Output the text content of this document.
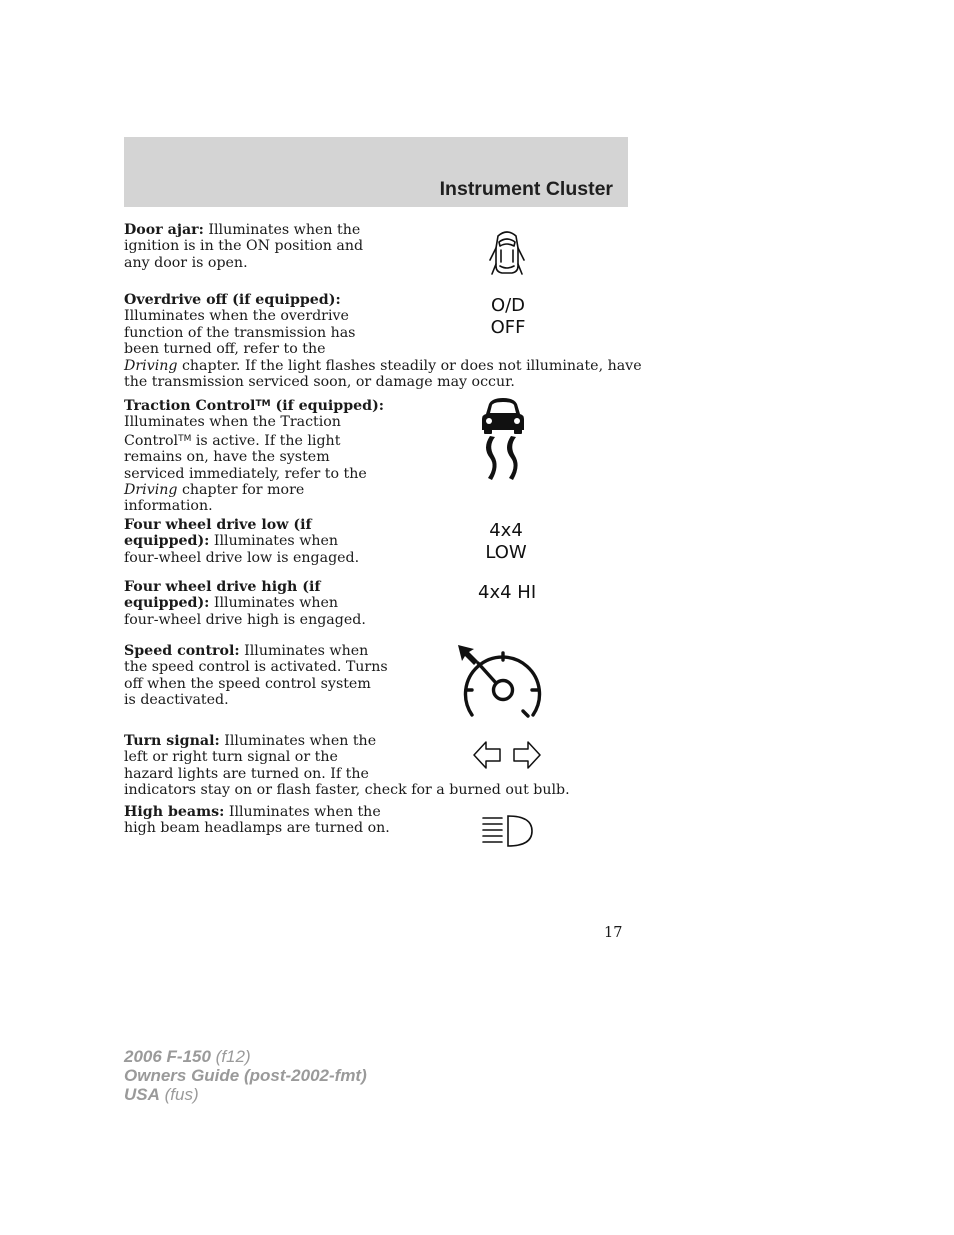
Instrument Cluster

Door ajar: Illuminates when the
ignition is in the ON position and
any door is open.

Overdrive off (if equipped):
Illuminates when the overdrive
function of the transmission has
been turned off, refer to the
Driving chapter. If the light flashes steadily or does not illuminate, have
the transmission serviced soon, or damage may occur.

O/D
OFF

Traction Control™ (if equipped):
Illuminates when the Traction
Control™ is active. If the light
remains on, have the system
serviced immediately, refer to the
Driving chapter for more
information.

Four wheel drive low (if
equipped): Illuminates when
four-wheel drive low is engaged.

4x4
LOW

Four wheel drive high (if
equipped): Illuminates when
four-wheel drive high is engaged.

4x4 HI

Speed control: Illuminates when
the speed control is activated. Turns
off when the speed control system
is deactivated.

Turn signal: Illuminates when the
left or right turn signal or the
hazard lights are turned on. If the
indicators stay on or flash faster, check for a burned out bulb.

High beams: Illuminates when the
high beam headlamps are turned on.

17
2006 F-150 (f12)
Owners Guide (post-2002-fmt)
USA (fus)
